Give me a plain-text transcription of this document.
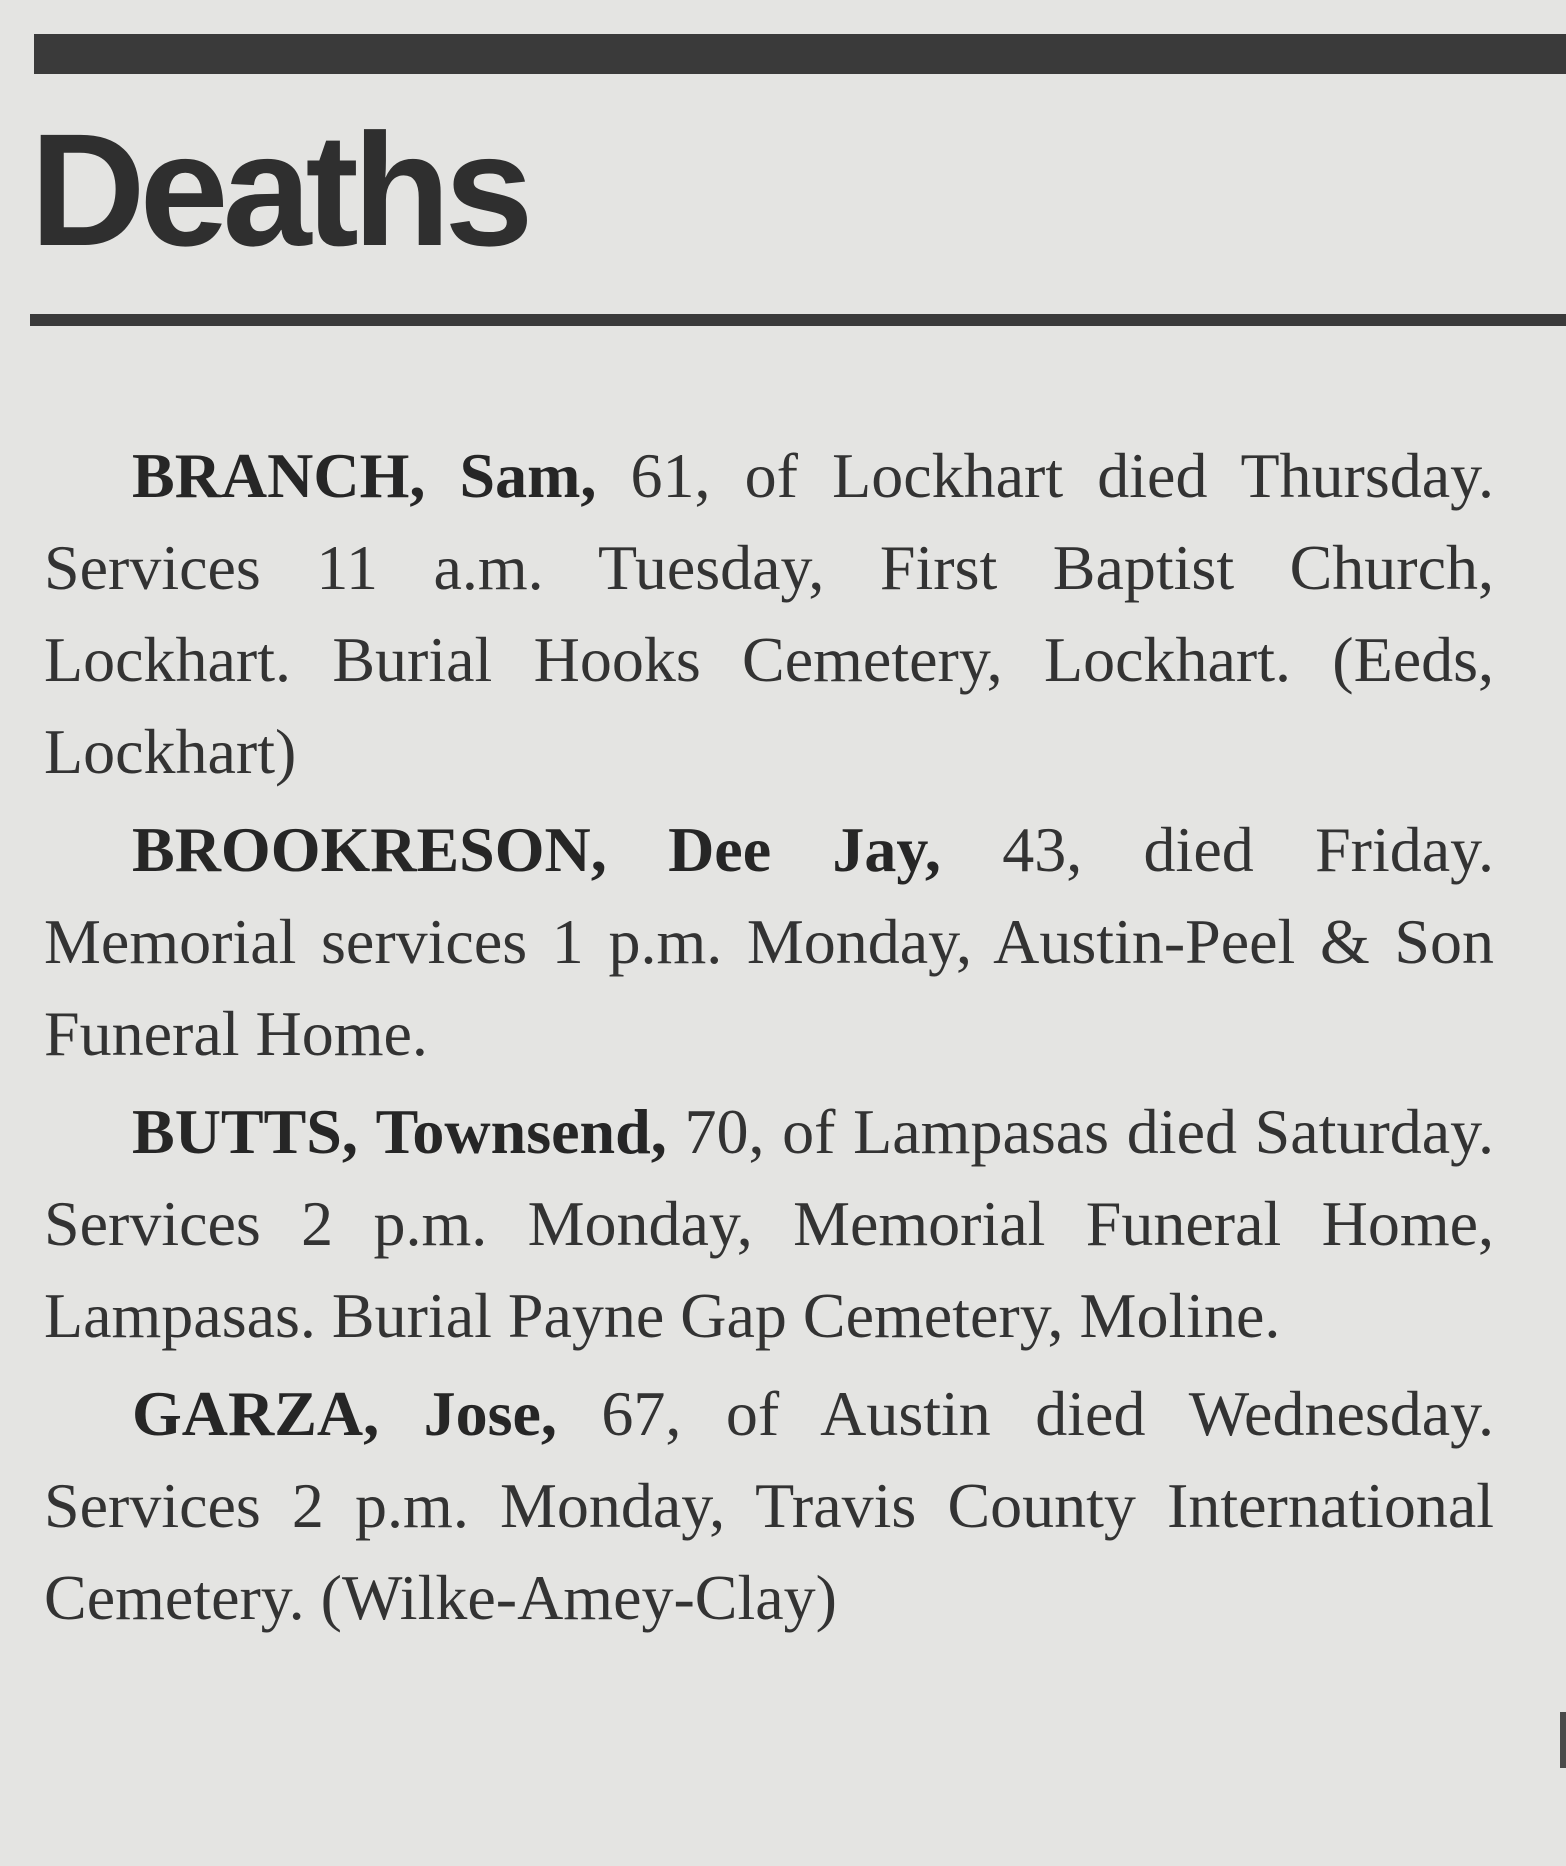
Deaths

BRANCH, Sam, 61, of Lockhart died Thursday. Services 11 a.m. Tuesday, First Baptist Church, Lockhart. Burial Hooks Cemetery, Lockhart. (Eeds, Lockhart)

BROOKRESON, Dee Jay, 43, died Friday. Memorial services 1 p.m. Monday, Austin-Peel & Son Funeral Home.

BUTTS, Townsend, 70, of Lampasas died Saturday. Services 2 p.m. Monday, Memorial Funeral Home, Lampasas. Burial Payne Gap Cemetery, Moline.

GARZA, Jose, 67, of Austin died Wednesday. Services 2 p.m. Monday, Travis County International Cemetery. (Wilke-Amey-Clay)
